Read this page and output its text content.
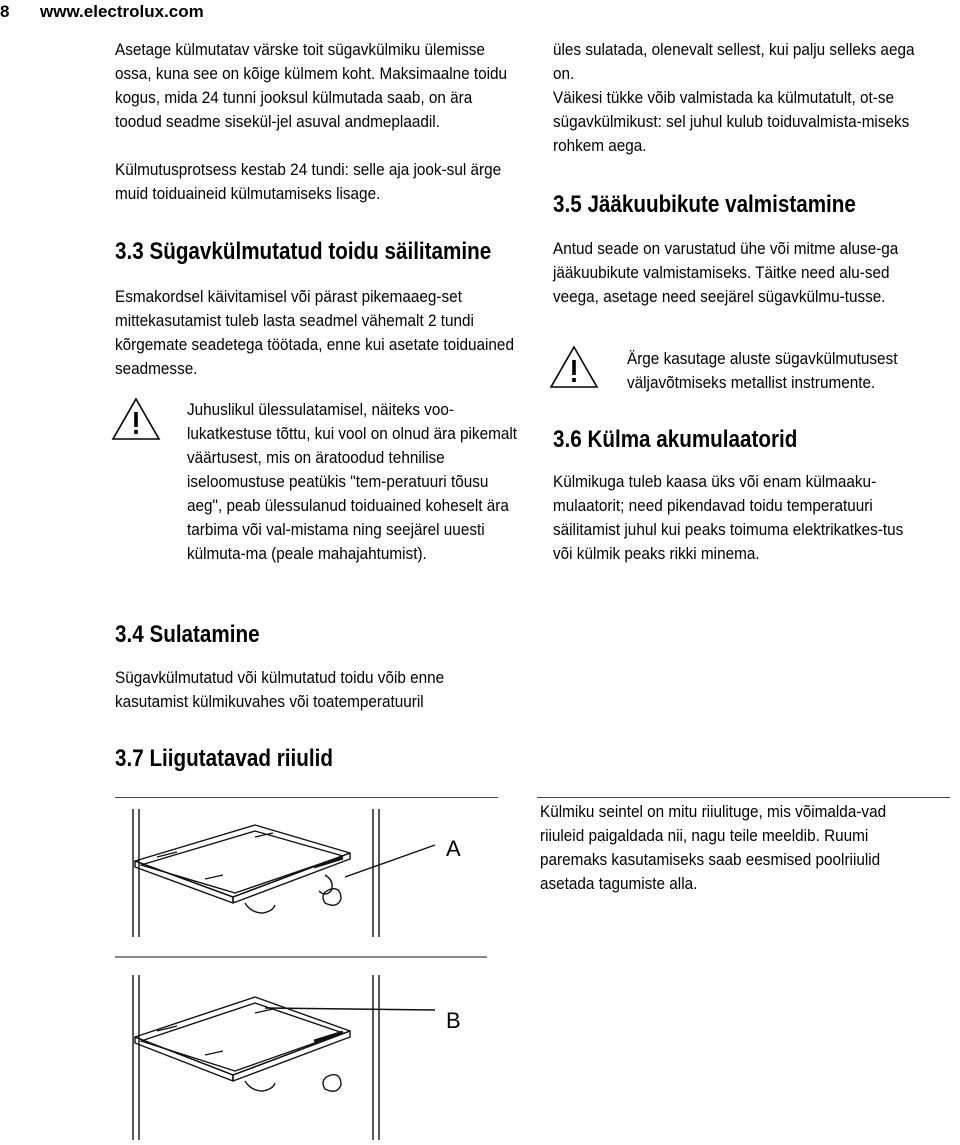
8 www.electrolux.com

Asetage külmutatav värske toit sügavkülmiku ülemisse ossa, kuna see on kõige külmem koht. Maksimaalne toidu kogus, mida 24 tunni jooksul külmutada saab, on ära toodud seadme sisekül-jel asuval andmeplaadil.

Külmutusprotsess kestab 24 tundi: selle aja jook-sul ärge muid toiduaineid külmutamiseks lisage.

3.3 Sügavkülmutatud toidu säilitamine

Esmakordsel käivitamisel või pärast pikemaaeg-set mittekasutamist tuleb lasta seadmel vähemalt 2 tundi kõrgemate seadetega töötada, enne kui asetate toiduained seadmesse.

Juhuslikul ülessulatamisel, näiteks voo-lukatkestuse tõttu, kui vool on olnud ära pikemalt väärtusest, mis on äratoodud tehnilise iseloomustuse peatükis "tem-peratuuri tõusu aeg", peab ülessulanud toiduained koheselt ära tarbima või val-mistama ning seejärel uuesti külmuta-ma (peale mahajahtumist).

3.4 Sulatamine

Sügavkülmutatud või külmutatud toidu võib enne kasutamist külmikuvahes või toatemperatuuril

üles sulatada, olenevalt sellest, kui palju selleks aega on.

Väikesi tükke võib valmistada ka külmutatult, ot-se sügavkülmikust: sel juhul kulub toiduvalmista-miseks rohkem aega.

3.5 Jääkuubikute valmistamine

Antud seade on varustatud ühe või mitme aluse-ga jääkuubikute valmistamiseks. Täitke need alu-sed veega, asetage need seejärel sügavkülmu-tusse.

Ärge kasutage aluste sügavkülmutusest väljavõtmiseks metallist instrumente.

3.6 Külma akumulaatorid

Külmikuga tuleb kaasa üks või enam külmaaku-mulaatorit; need pikendavad toidu temperatuuri säilitamist juhul kui peaks toimuma elektrikatkes-tus või külmik peaks rikki minema.

3.7 Liigutatavad riiulid

Külmiku seintel on mitu riiulituge, mis võimalda-vad riiuleid paigaldada nii, nagu teile meeldib. Ruumi paremaks kasutamiseks saab eesmised poolriiulid asetada tagumiste alla.

A
B
